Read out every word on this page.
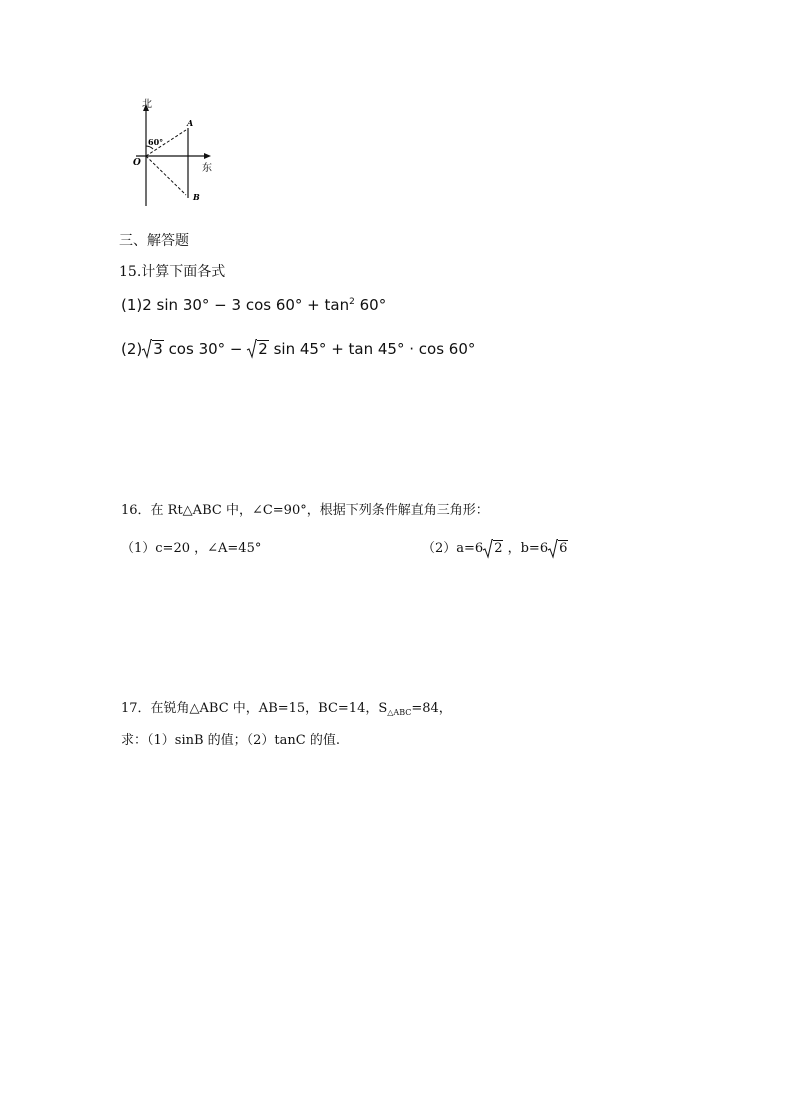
北
60°
A
O	东
B
三、解答题
15.计算下面各式
(1)2 sin 30° − 3 $\cos 60^\circ + \tan^2 60^\circ$
(2) 3 cos 30° −
2 sin 45° + tan 45° · cos 60°
16．在 Rt△ABC 中，∠C=90°，根据下列条件解直角三角形：
（1）c=20 ，∠A=45°	（2）a=6 2 ，b=6 6
17．在锐角△ABC 中，AB=15，BC=14，$S_{\triangle ABC}=84$，
求：（1）sinB 的值；（2）tanC 的值.
